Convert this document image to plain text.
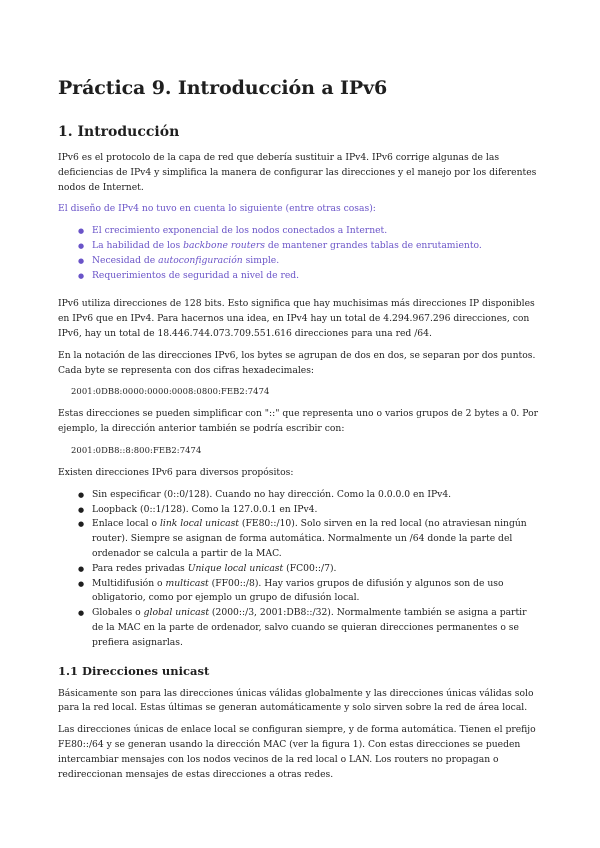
Práctica 9. Introducción a IPv6
1. Introducción

IPv6 es el protocolo de la capa de red que debería sustituir a IPv4. IPv6 corrige algunas de las deficiencias de IPv4 y simplifica la manera de configurar las direcciones y el manejo por los diferentes nodos de Internet.

El diseño de IPv4 no tuvo en cuenta lo siguiente (entre otras cosas):

● El crecimiento exponencial de los nodos conectados a Internet.
● La habilidad de los backbone routers de mantener grandes tablas de enrutamiento.
● Necesidad de autoconfiguración simple.
● Requerimientos de seguridad a nivel de red.

IPv6 utiliza direcciones de 128 bits. Esto significa que hay muchisimas más direcciones IP disponibles en IPv6 que en IPv4. Para hacernos una idea, en IPv4 hay un total de 4.294.967.296 direcciones, con IPv6, hay un total de 18.446.744.073.709.551.616 direcciones para una red /64.

En la notación de las direcciones IPv6, los bytes se agrupan de dos en dos, se separan por dos puntos. Cada byte se representa con dos cifras hexadecimales:

2001:0DB8:0000:0000:0008:0800:FEB2:7474

Estas direcciones se pueden simplificar con "::" que representa uno o varios grupos de 2 bytes a 0. Por ejemplo, la dirección anterior también se podría escribir con:

2001:0DB8::8:800:FEB2:7474

Existen direcciones IPv6 para diversos propósitos:

● Sin especificar (0::0/128). Cuando no hay dirección. Como la 0.0.0.0 en IPv4.
● Loopback (0::1/128). Como la 127.0.0.1 en IPv4.
● Enlace local o link local unicast (FE80::/10). Solo sirven en la red local (no atraviesan ningún router). Siempre se asignan de forma automática. Normalmente un /64 donde la parte del ordenador se calcula a partir de la MAC.
● Para redes privadas Unique local unicast (FC00::/7).
● Multidifusión o multicast (FF00::/8). Hay varios grupos de difusión y algunos son de uso obligatorio, como por ejemplo un grupo de difusión local.
● Globales o global unicast (2000::/3, 2001:DB8::/32). Normalmente también se asigna a partir de la MAC en la parte de ordenador, salvo cuando se quieran direcciones permanentes o se prefiera asignarlas.
1.1 Direcciones unicast

Básicamente son para las direcciones únicas válidas globalmente y las direcciones únicas válidas solo para la red local. Estas últimas se generan automáticamente y solo sirven sobre la red de área local.

Las direcciones únicas de enlace local se configuran siempre, y de forma automática. Tienen el prefijo FE80::/64 y se generan usando la dirección MAC (ver la figura 1). Con estas direcciones se pueden intercambiar mensajes con los nodos vecinos de la red local o LAN. Los routers no propagan o redireccionan mensajes de estas direcciones a otras redes.
